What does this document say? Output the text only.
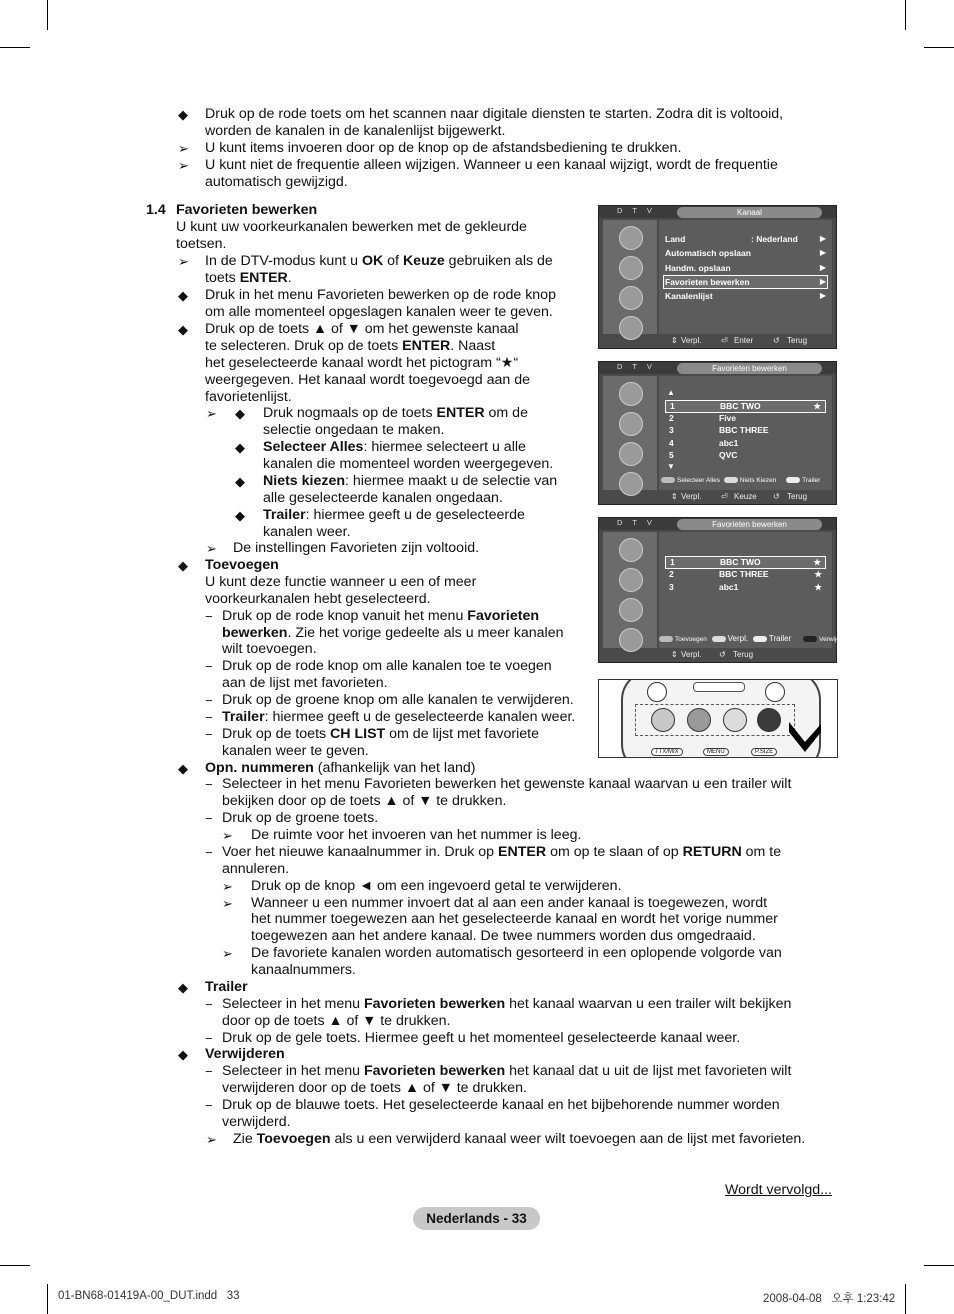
◆ Druk op de rode toets om het scannen naar digitale diensten te starten. Zodra dit is voltooid,
worden de kanalen in de kanalenlijst bijgewerkt.
➢ U kunt items invoeren door op de knop op de afstandsbediening te drukken.
➢ U kunt niet de frequentie alleen wijzigen. Wanneer u een kanaal wijzigt, wordt de frequentie
automatisch gewijzigd.
1.4 Favorieten bewerken
U kunt uw voorkeurkanalen bewerken met de gekleurde
toetsen.
➢ In de DTV-modus kunt u OK of Keuze gebruiken als de
toets ENTER.
◆ Druk in het menu Favorieten bewerken op de rode knop
om alle momenteel opgeslagen kanalen weer te geven.
◆ Druk op de toets ▲ of ▼ om het gewenste kanaal
te selecteren. Druk op de toets ENTER. Naast
het geselecteerde kanaal wordt het pictogram “★“
weergegeven. Het kanaal wordt toegevoegd aan de
favorietenlijst.
➢ ◆ Druk nogmaals op de toets ENTER om de
selectie ongedaan te maken.
◆ Selecteer Alles: hiermee selecteert u alle
kanalen die momenteel worden weergegeven.
◆ Niets kiezen: hiermee maakt u de selectie van
alle geselecteerde kanalen ongedaan.
◆ Trailer: hiermee geeft u de geselecteerde
kanalen weer.
➢ De instellingen Favorieten zijn voltooid.
◆ Toevoegen
U kunt deze functie wanneer u een of meer
voorkeurkanalen hebt geselecteerd.
− Druk op de rode knop vanuit het menu Favorieten
bewerken. Zie het vorige gedeelte als u meer kanalen
wilt toevoegen.
− Druk op de rode knop om alle kanalen toe te voegen
aan de lijst met favorieten.
− Druk op de groene knop om alle kanalen te verwijderen.
− Trailer: hiermee geeft u de geselecteerde kanalen weer.
− Druk op de toets CH LIST om de lijst met favoriete
kanalen weer te geven.
◆ Opn. nummeren (afhankelijk van het land)
− Selecteer in het menu Favorieten bewerken het gewenste kanaal waarvan u een trailer wilt
bekijken door op de toets ▲ of ▼ te drukken.
− Druk op de groene toets.
➢ De ruimte voor het invoeren van het nummer is leeg.
− Voer het nieuwe kanaalnummer in. Druk op ENTER om op te slaan of op RETURN om te
annuleren.
➢ Druk op de knop ◄ om een ingevoerd getal te verwijderen.
➢ Wanneer u een nummer invoert dat al aan een ander kanaal is toegewezen, wordt
het nummer toegewezen aan het geselecteerde kanaal en wordt het vorige nummer
toegewezen aan het andere kanaal. De twee nummers worden dus omgedraaid.
➢ De favoriete kanalen worden automatisch gesorteerd in een oplopende volgorde van
kanaalnummers.
◆ Trailer
− Selecteer in het menu Favorieten bewerken het kanaal waarvan u een trailer wilt bekijken
door op de toets ▲ of ▼ te drukken.
− Druk op de gele toets. Hiermee geeft u het momenteel geselecteerde kanaal weer.
◆ Verwijderen
− Selecteer in het menu Favorieten bewerken het kanaal dat u uit de lijst met favorieten wilt
verwijderen door op de toets ▲ of ▼ te drukken.
− Druk op de blauwe toets. Het geselecteerde kanaal en het bijbehorende nummer worden
verwijderd.
➢ Zie Toevoegen als u een verwijderd kanaal weer wilt toevoegen aan de lijst met favorieten.
D T V	Kanaal
Land	: Nederland	▶
Automatisch opslaan	▶
Handm. opslaan	▶
Favorieten bewerken	▶
Kanalenlijst	▶
⇕ Verpl. ⏎ Enter ↺ Terug
D T V	Favorieten bewerken
▲
1	BBC TWO	★
2	Five
3	BBC THREE
4	abc1
5	QVC
▼
Selecteer Alles	Niets Kiezen	Trailer
⇕ Verpl. ⏎ Keuze ↺ Terug
D T V	Favorieten bewerken
1	BBC TWO	★
2	BBC THREE	★
3	abc1	★
Toevoegen	Verpl.	Trailer	Verwijderen
⇕ Verpl. ↺ Terug
TTX/MIX	MENU	P.SIZE
Wordt vervolgd...
Nederlands - 33
01-BN68-01419A-00_DUT.indd   33	2008-04-08   오후 1:23:42
